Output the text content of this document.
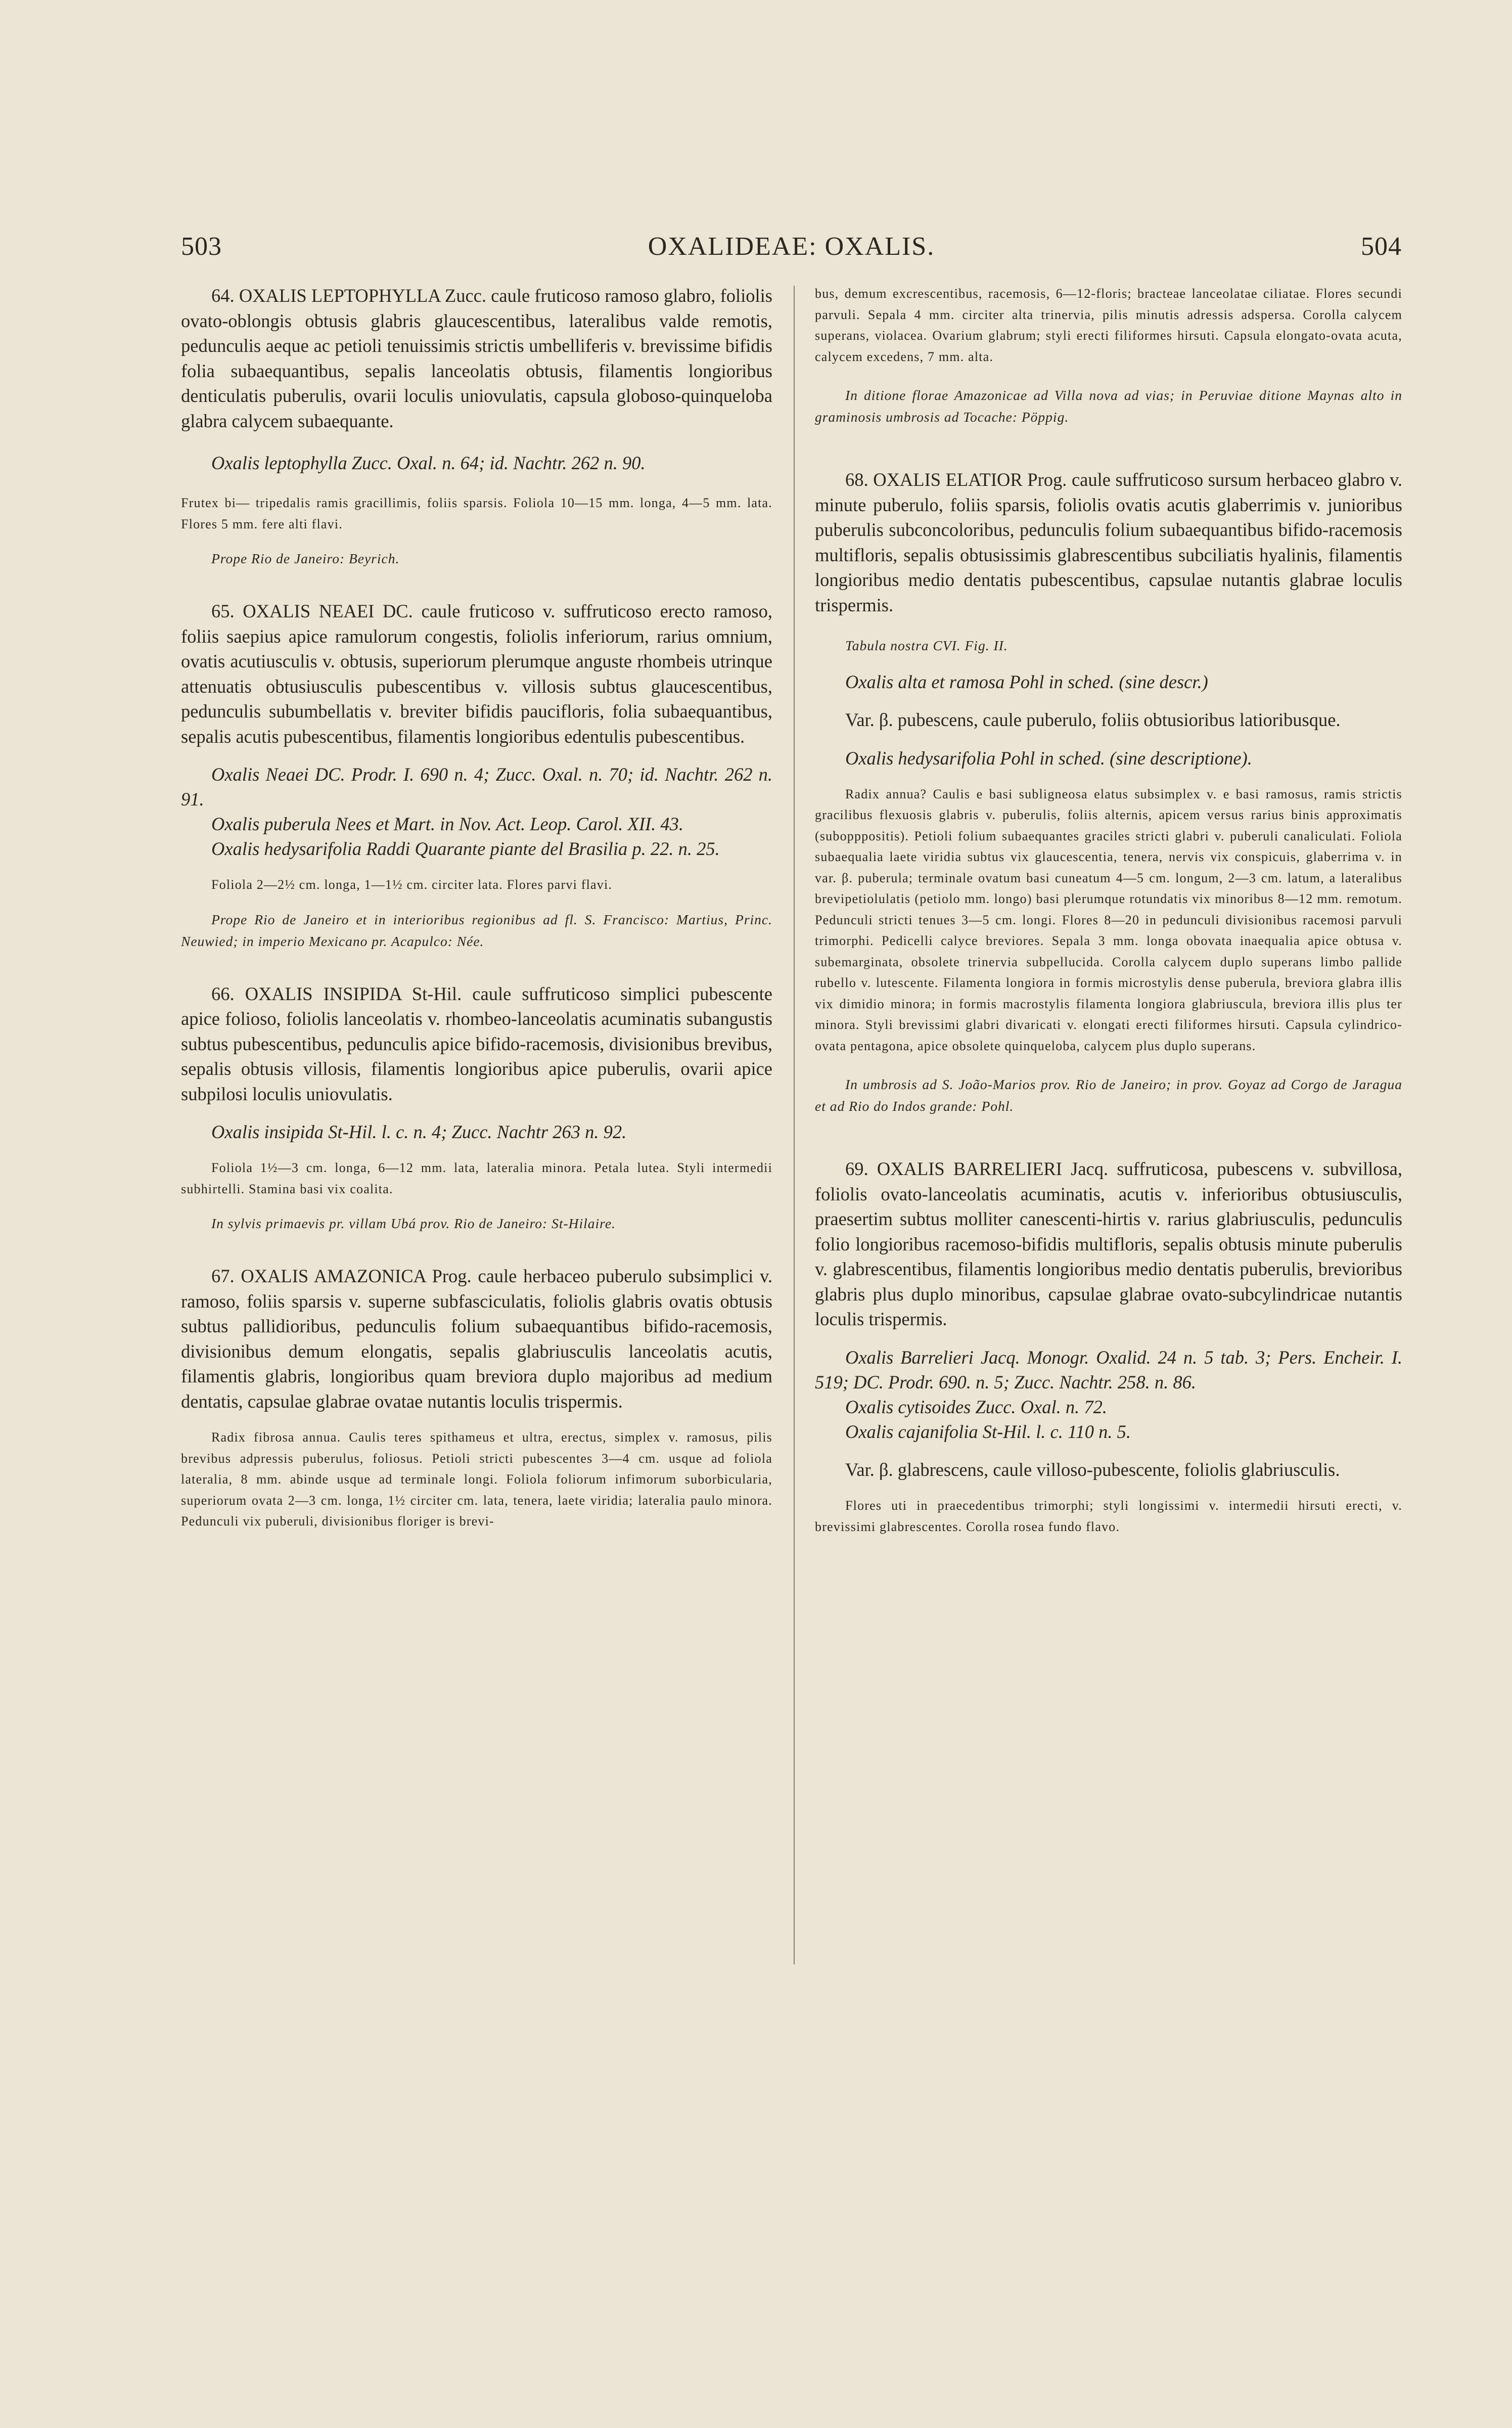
503	OXALIDEAE: OXALIS.	504

64. OXALIS LEPTOPHYLLA Zucc. caule fruticoso ramoso glabro, foliolis ovato-oblongis obtusis glabris glaucescentibus, lateralibus valde remotis, pedunculis aeque ac petioli tenuissimis strictis umbelliferis v. brevissime bifidis folia subaequantibus, sepalis lanceolatis obtusis, filamentis longioribus denticulatis puberulis, ovarii loculis uniovulatis, capsula globoso-quinqueloba glabra calycem subaequante.

Oxalis leptophylla Zucc. Oxal. n. 64; id. Nachtr. 262 n. 90.

Frutex bi— tripedalis ramis gracillimis, foliis sparsis. Foliola 10—15 mm. longa, 4—5 mm. lata. Flores 5 mm. fere alti flavi.

Prope Rio de Janeiro: Beyrich.

65. OXALIS NEAEI DC. caule fruticoso v. suffruticoso erecto ramoso, foliis saepius apice ramulorum congestis, foliolis inferiorum, rarius omnium, ovatis acutiusculis v. obtusis, superiorum plerumque anguste rhombeis utrinque attenuatis obtusiusculis pubescentibus v. villosis subtus glaucescentibus, pedunculis subumbellatis v. breviter bifidis paucifloris, folia subaequantibus, sepalis acutis pubescentibus, filamentis longioribus edentulis pubescentibus.

Oxalis Neaei DC. Prodr. I. 690 n. 4; Zucc. Oxal. n. 70; id. Nachtr. 262 n. 91.

Oxalis puberula Nees et Mart. in Nov. Act. Leop. Carol. XII. 43.

Oxalis hedysarifolia Raddi Quarante piante del Brasilia p. 22. n. 25.

Foliola 2—2½ cm. longa, 1—1½ cm. circiter lata. Flores parvi flavi.

Prope Rio de Janeiro et in interioribus regionibus ad fl. S. Francisco: Martius, Princ. Neuwied; in imperio Mexicano pr. Acapulco: Née.

66. OXALIS INSIPIDA St-Hil. caule suffruticoso simplici pubescente apice folioso, foliolis lanceolatis v. rhombeo-lanceolatis acuminatis subangustis subtus pubescentibus, pedunculis apice bifido-racemosis, divisionibus brevibus, sepalis obtusis villosis, filamentis longioribus apice puberulis, ovarii apice subpilosi loculis uniovulatis.

Oxalis insipida St-Hil. l. c. n. 4; Zucc. Nachtr 263 n. 92.

Foliola 1½—3 cm. longa, 6—12 mm. lata, lateralia minora. Petala lutea. Styli intermedii subhirtelli. Stamina basi vix coalita.

In sylvis primaevis pr. villam Ubá prov. Rio de Janeiro: St-Hilaire.

67. OXALIS AMAZONICA Prog. caule herbaceo puberulo subsimplici v. ramoso, foliis sparsis v. superne subfasciculatis, foliolis glabris ovatis obtusis subtus pallidioribus, pedunculis folium subaequantibus bifido-racemosis, divisionibus demum elongatis, sepalis glabriusculis lanceolatis acutis, filamentis glabris, longioribus quam breviora duplo majoribus ad medium dentatis, capsulae glabrae ovatae nutantis loculis trispermis.

Radix fibrosa annua. Caulis teres spithameus et ultra, erectus, simplex v. ramosus, pilis brevibus adpressis puberulus, foliosus. Petioli stricti pubescentes 3—4 cm. usque ad foliola lateralia, 8 mm. abinde usque ad terminale longi. Foliola foliorum infimorum suborbicularia, superiorum ovata 2—3 cm. longa, 1½ circiter cm. lata, tenera, laete viridia; lateralia paulo minora. Pedunculi vix puberuli, divisionibus floriger is brevi-

bus, demum excrescentibus, racemosis, 6—12-floris; bracteae lanceolatae ciliatae. Flores secundi parvuli. Sepala 4 mm. circiter alta trinervia, pilis minutis adressis adspersa. Corolla calycem superans, violacea. Ovarium glabrum; styli erecti filiformes hirsuti. Capsula elongato-ovata acuta, calycem excedens, 7 mm. alta.

In ditione florae Amazonicae ad Villa nova ad vias; in Peruviae ditione Maynas alto in graminosis umbrosis ad Tocache: Pöppig.

68. OXALIS ELATIOR Prog. caule suffruticoso sursum herbaceo glabro v. minute puberulo, foliis sparsis, foliolis ovatis acutis glaberrimis v. junioribus puberulis subconcoloribus, pedunculis folium subaequantibus bifido-racemosis multifloris, sepalis obtusissimis glabrescentibus subciliatis hyalinis, filamentis longioribus medio dentatis pubescentibus, capsulae nutantis glabrae loculis trispermis.

Tabula nostra CVI. Fig. II.

Oxalis alta et ramosa Pohl in sched. (sine descr.)

Var. β. pubescens, caule puberulo, foliis obtusioribus latioribusque.

Oxalis hedysarifolia Pohl in sched. (sine descriptione).

Radix annua? Caulis e basi subligneosa elatus subsimplex v. e basi ramosus, ramis strictis gracilibus flexuosis glabris v. puberulis, foliis alternis, apicem versus rarius binis approximatis (subopppositis). Petioli folium subaequantes graciles stricti glabri v. puberuli canaliculati. Foliola subaequalia laete viridia subtus vix glaucescentia, tenera, nervis vix conspicuis, glaberrima v. in var. β. puberula; terminale ovatum basi cuneatum 4—5 cm. longum, 2—3 cm. latum, a lateralibus brevipetiolulatis (petiolo mm. longo) basi plerumque rotundatis vix minoribus 8—12 mm. remotum. Pedunculi stricti tenues 3—5 cm. longi. Flores 8—20 in pedunculi divisionibus racemosi parvuli trimorphi. Pedicelli calyce breviores. Sepala 3 mm. longa obovata inaequalia apice obtusa v. subemarginata, obsolete trinervia subpellucida. Corolla calycem duplo superans limbo pallide rubello v. lutescente. Filamenta longiora in formis microstylis dense puberula, breviora glabra illis vix dimidio minora; in formis macrostylis filamenta longiora glabriuscula, breviora illis plus ter minora. Styli brevissimi glabri divaricati v. elongati erecti filiformes hirsuti. Capsula cylindrico-ovata pentagona, apice obsolete quinqueloba, calycem plus duplo superans.

In umbrosis ad S. João-Marios prov. Rio de Janeiro; in prov. Goyaz ad Corgo de Jaragua et ad Rio do Indos grande: Pohl.

69. OXALIS BARRELIERI Jacq. suffruticosa, pubescens v. subvillosa, foliolis ovato-lanceolatis acuminatis, acutis v. inferioribus obtusiusculis, praesertim subtus molliter canescenti-hirtis v. rarius glabriusculis, pedunculis folio longioribus racemoso-bifidis multifloris, sepalis obtusis minute puberulis v. glabrescentibus, filamentis longioribus medio dentatis puberulis, brevioribus glabris plus duplo minoribus, capsulae glabrae ovato-subcylindricae nutantis loculis trispermis.

Oxalis Barrelieri Jacq. Monogr. Oxalid. 24 n. 5 tab. 3; Pers. Encheir. I. 519; DC. Prodr. 690. n. 5; Zucc. Nachtr. 258. n. 86.

Oxalis cytisoides Zucc. Oxal. n. 72.

Oxalis cajanifolia St-Hil. l. c. 110 n. 5.

Var. β. glabrescens, caule villoso-pubescente, foliolis glabriusculis.

Flores uti in praecedentibus trimorphi; styli longissimi v. intermedii hirsuti erecti, v. brevissimi glabrescentes. Corolla rosea fundo flavo.
